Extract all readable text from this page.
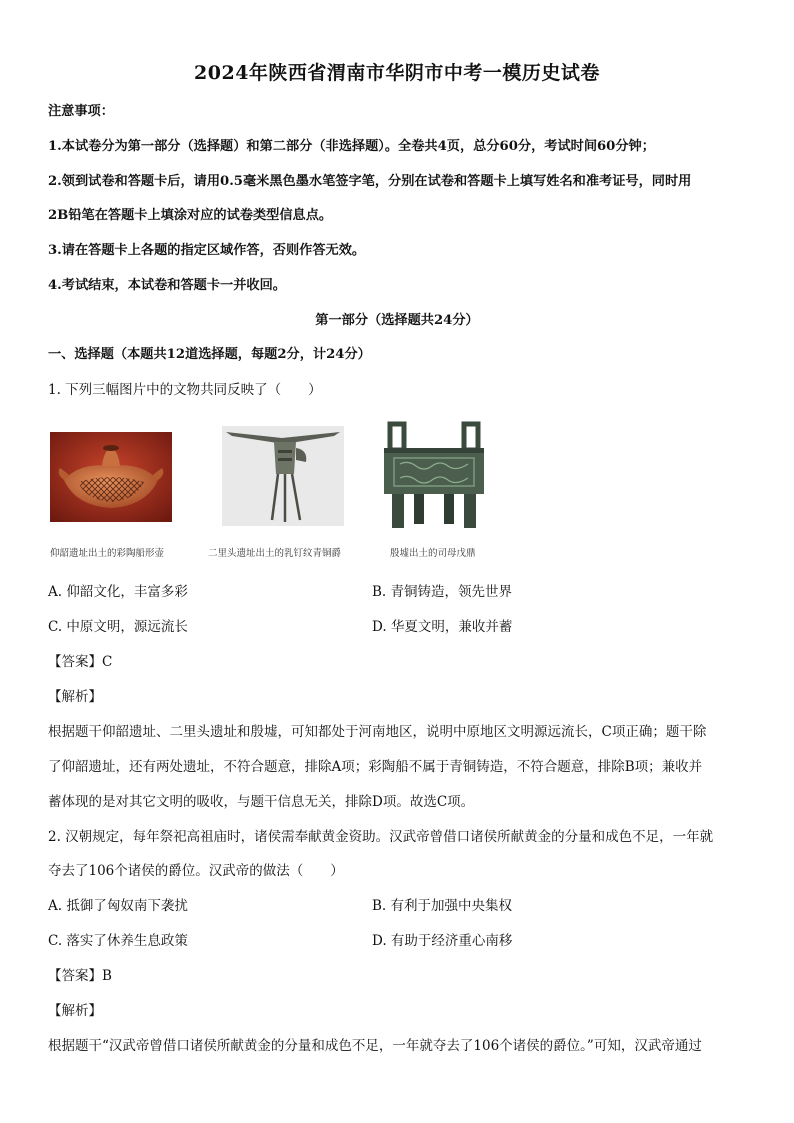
2024年陕西省渭南市华阴市中考一模历史试卷
注意事项：
1.本试卷分为第一部分（选择题）和第二部分（非选择题）。全卷共4页，总分60分，考试时间60分钟；
2.领到试卷和答题卡后，请用0.5毫米黑色墨水笔签字笔，分别在试卷和答题卡上填写姓名和准考证号，同时用
2B铅笔在答题卡上填涂对应的试卷类型信息点。
3.请在答题卡上各题的指定区域作答，否则作答无效。
4.考试结束，本试卷和答题卡一并收回。
第一部分（选择题共24分）
一、选择题（本题共12道选择题，每题2分，计24分）
1. 下列三幅图片中的文物共同反映了（　　）
仰韶遗址出土的彩陶船形壶	二里头遗址出土的乳钉纹青铜爵	殷墟出土的司母戊鼎
A. 仰韶文化，丰富多彩	B. 青铜铸造，领先世界
C. 中原文明，源远流长	D. 华夏文明，兼收并蓄
【答案】C
【解析】
根据题干仰韶遗址、二里头遗址和殷墟，可知都处于河南地区，说明中原地区文明源远流长，C项正确；题干除
了仰韶遗址，还有两处遗址，不符合题意，排除A项；彩陶船不属于青铜铸造，不符合题意，排除B项；兼收并
蓄体现的是对其它文明的吸收，与题干信息无关，排除D项。故选C项。
2. 汉朝规定，每年祭祀高祖庙时，诸侯需奉献黄金资助。汉武帝曾借口诸侯所献黄金的分量和成色不足，一年就
夺去了106个诸侯的爵位。汉武帝的做法（　　）
A. 抵御了匈奴南下袭扰	B. 有利于加强中央集权
C. 落实了休养生息政策	D. 有助于经济重心南移
【答案】B
【解析】
根据题干“汉武帝曾借口诸侯所献黄金的分量和成色不足，一年就夺去了106个诸侯的爵位。”可知，汉武帝通过
